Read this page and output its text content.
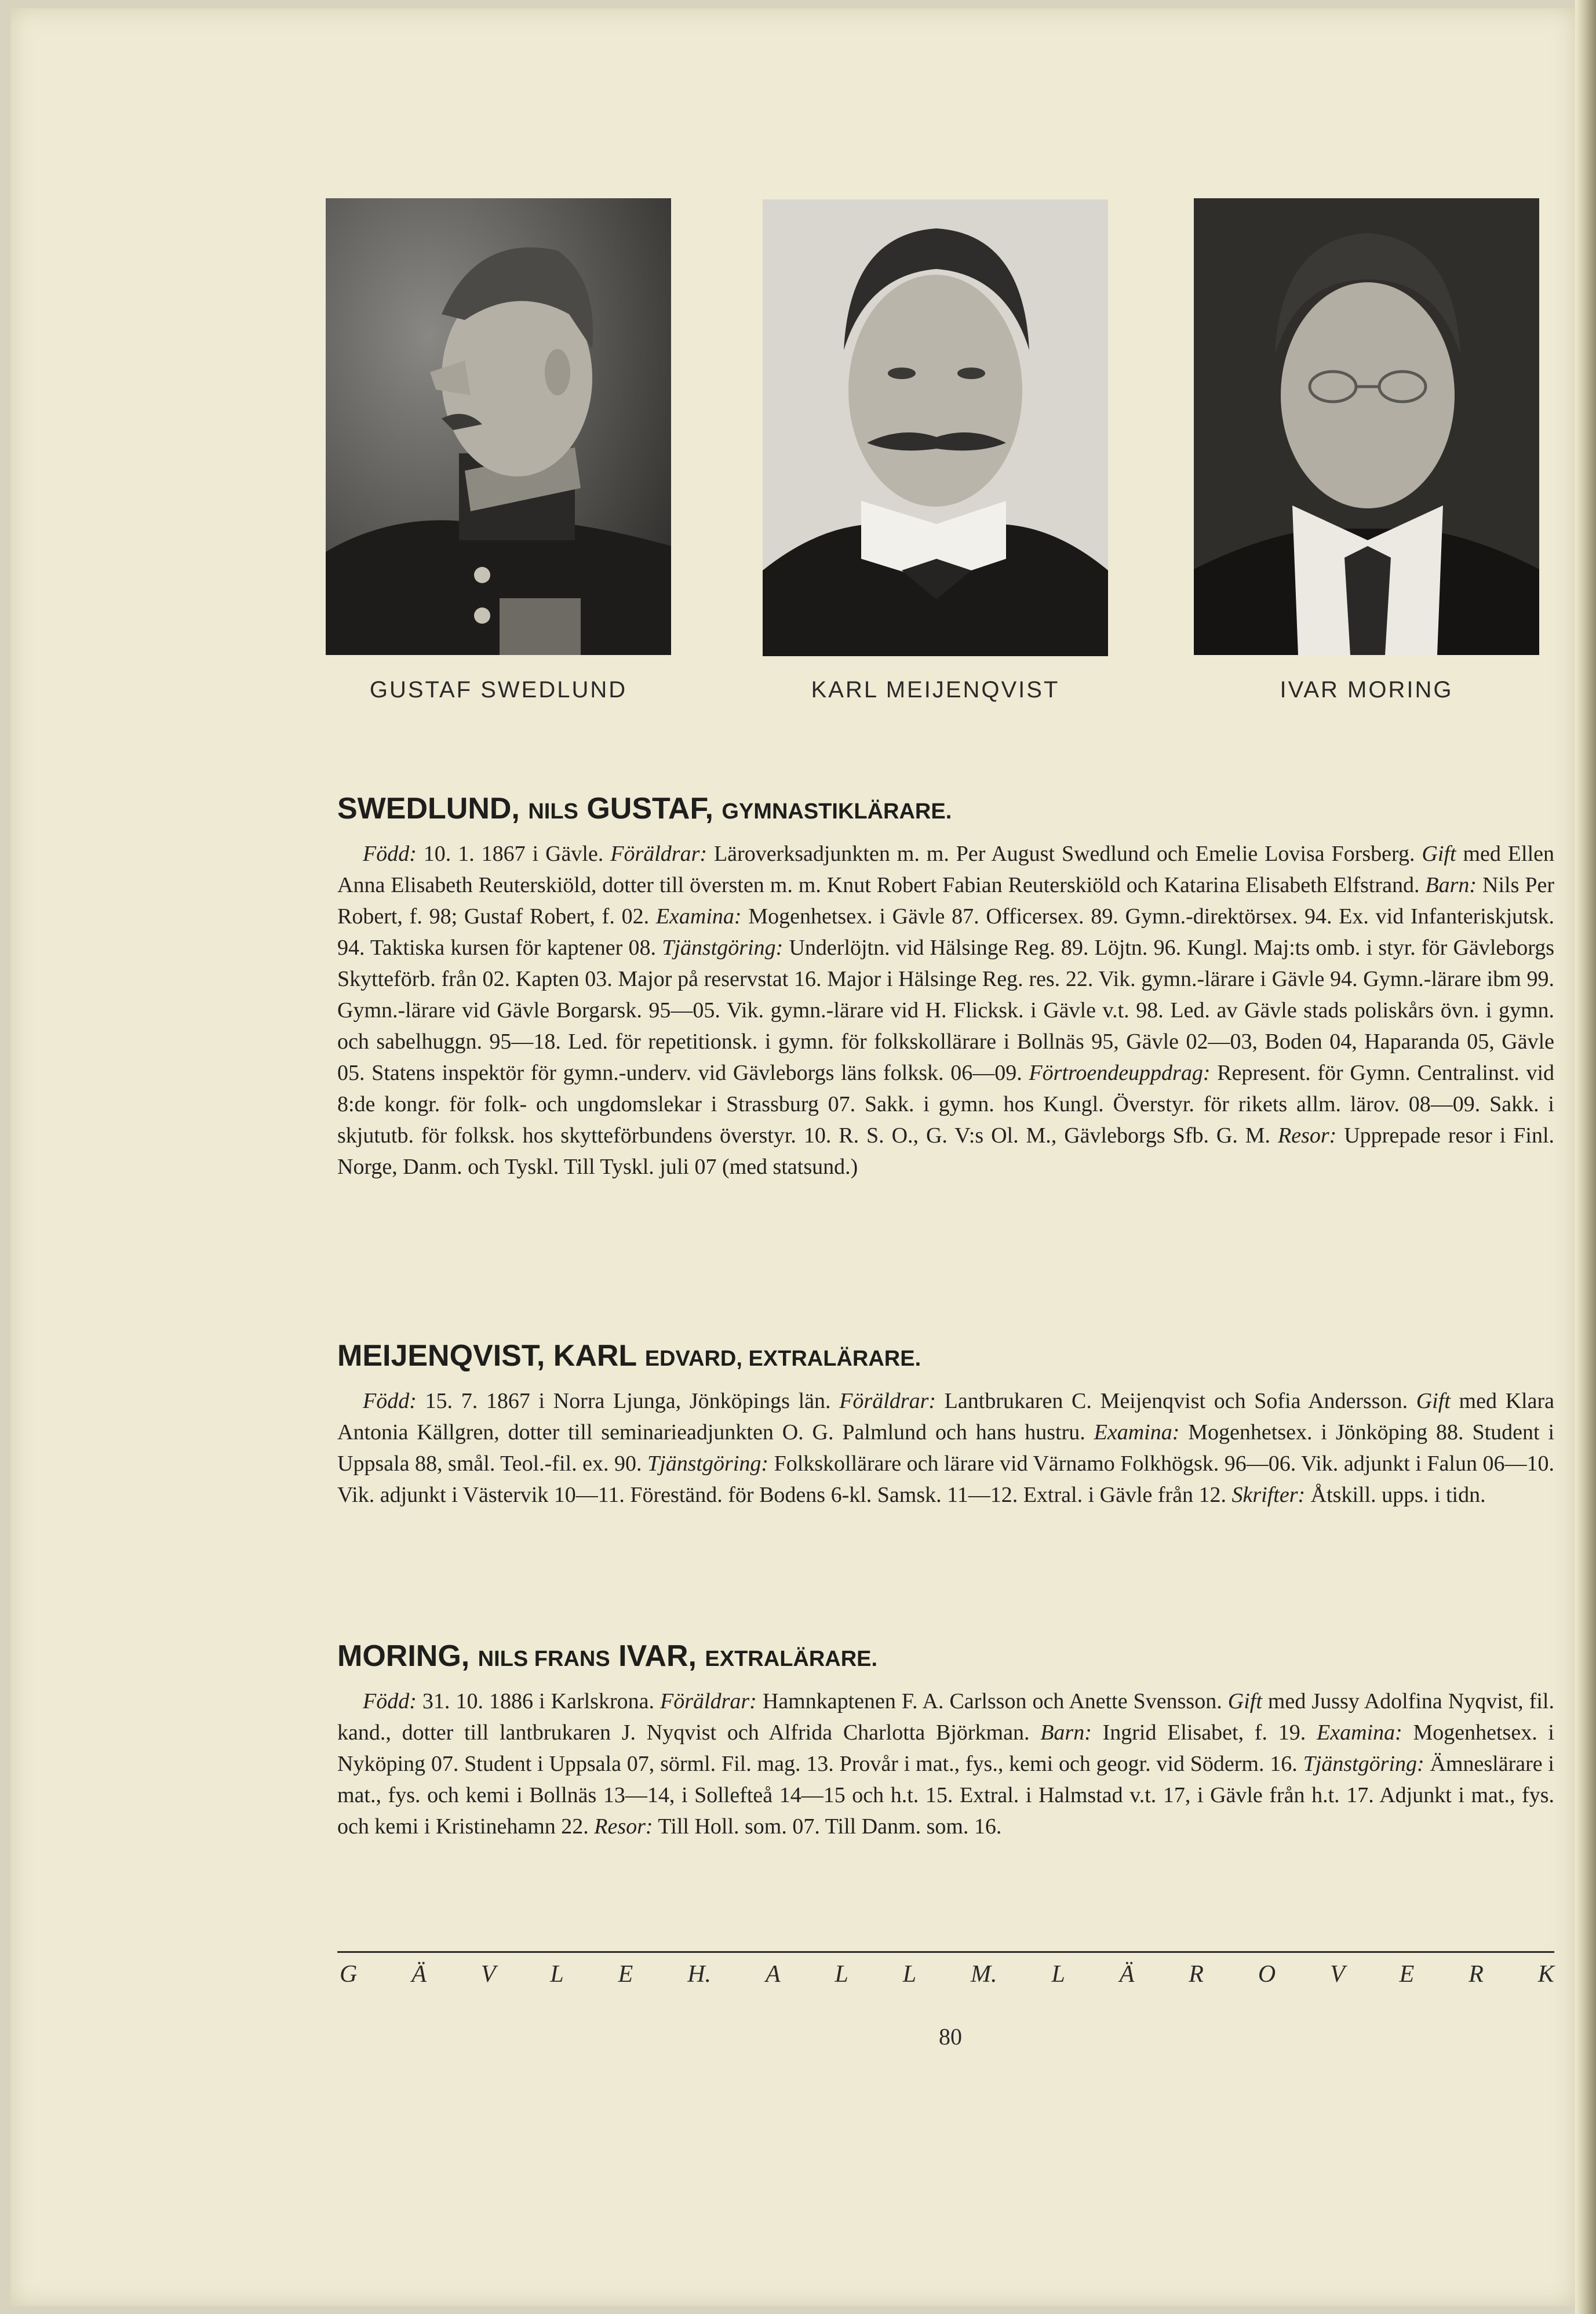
GUSTAF SWEDLUND	KARL MEIJENQVIST	IVAR MORING
SWEDLUND, NILS GUSTAF, GYMNASTIKLÄRARE.

Född: 10. 1. 1867 i Gävle. Föräldrar: Läroverksadjunkten m. m. Per August Swedlund och Emelie Lovisa Forsberg. Gift med Ellen Anna Elisabeth Reuterskiöld, dotter till översten m. m. Knut Robert Fabian Reuterskiöld och Katarina Elisabeth Elfstrand. Barn: Nils Per Robert, f. 98; Gustaf Robert, f. 02. Examina: Mogenhetsex. i Gävle 87. Officersex. 89. Gymn.-direktörsex. 94. Ex. vid Infanteriskjutsk. 94. Taktiska kursen för kaptener 08. Tjänstgöring: Underlöjtn. vid Hälsinge Reg. 89. Löjtn. 96. Kungl. Maj:ts omb. i styr. för Gävleborgs Skytteförb. från 02. Kapten 03. Major på reservstat 16. Major i Hälsinge Reg. res. 22. Vik. gymn.-lärare i Gävle 94. Gymn.-lärare ibm 99. Gymn.-lärare vid Gävle Borgarsk. 95—05. Vik. gymn.-lärare vid H. Flicksk. i Gävle v.t. 98. Led. av Gävle stads poliskårs övn. i gymn. och sabelhuggn. 95—18. Led. för repetitionsk. i gymn. för folkskollärare i Bollnäs 95, Gävle 02—03, Boden 04, Haparanda 05, Gävle 05. Statens inspektör för gymn.-underv. vid Gävleborgs läns folksk. 06—09. Förtroendeuppdrag: Represent. för Gymn. Centralinst. vid 8:de kongr. för folk- och ungdomslekar i Strassburg 07. Sakk. i gymn. hos Kungl. Överstyr. för rikets allm. lärov. 08—09. Sakk. i skjututb. för folksk. hos skytteförbundens överstyr. 10. R. S. O., G. V:s Ol. M., Gävleborgs Sfb. G. M. Resor: Upprepade resor i Finl. Norge, Danm. och Tyskl. Till Tyskl. juli 07 (med statsund.)

MEIJENQVIST, KARL EDVARD, EXTRALÄRARE.

Född: 15. 7. 1867 i Norra Ljunga, Jönköpings län. Föräldrar: Lantbrukaren C. Meijenqvist och Sofia Andersson. Gift med Klara Antonia Källgren, dotter till seminarieadjunkten O. G. Palmlund och hans hustru. Examina: Mogenhetsex. i Jönköping 88. Student i Uppsala 88, smål. Teol.-fil. ex. 90. Tjänstgöring: Folkskollärare och lärare vid Värnamo Folkhögsk. 96—06. Vik. adjunkt i Falun 06—10. Vik. adjunkt i Västervik 10—11. Föreständ. för Bodens 6-kl. Samsk. 11—12. Extral. i Gävle från 12. Skrifter: Åtskill. upps. i tidn.

MORING, NILS FRANS IVAR, EXTRALÄRARE.

Född: 31. 10. 1886 i Karlskrona. Föräldrar: Hamnkaptenen F. A. Carlsson och Anette Svensson. Gift med Jussy Adolfina Nyqvist, fil. kand., dotter till lantbrukaren J. Nyqvist och Alfrida Charlotta Björkman. Barn: Ingrid Elisabet, f. 19. Examina: Mogenhetsex. i Nyköping 07. Student i Uppsala 07, sörml. Fil. mag. 13. Provår i mat., fys., kemi och geogr. vid Söderm. 16. Tjänstgöring: Ämneslärare i mat., fys. och kemi i Bollnäs 13—14, i Sollefteå 14—15 och h.t. 15. Extral. i Halmstad v.t. 17, i Gävle från h.t. 17. Adjunkt i mat., fys. och kemi i Kristinehamn 22. Resor: Till Holl. som. 07. Till Danm. som. 16.

G Ä V L E H. A L L M. L Ä R O V E R K
80
